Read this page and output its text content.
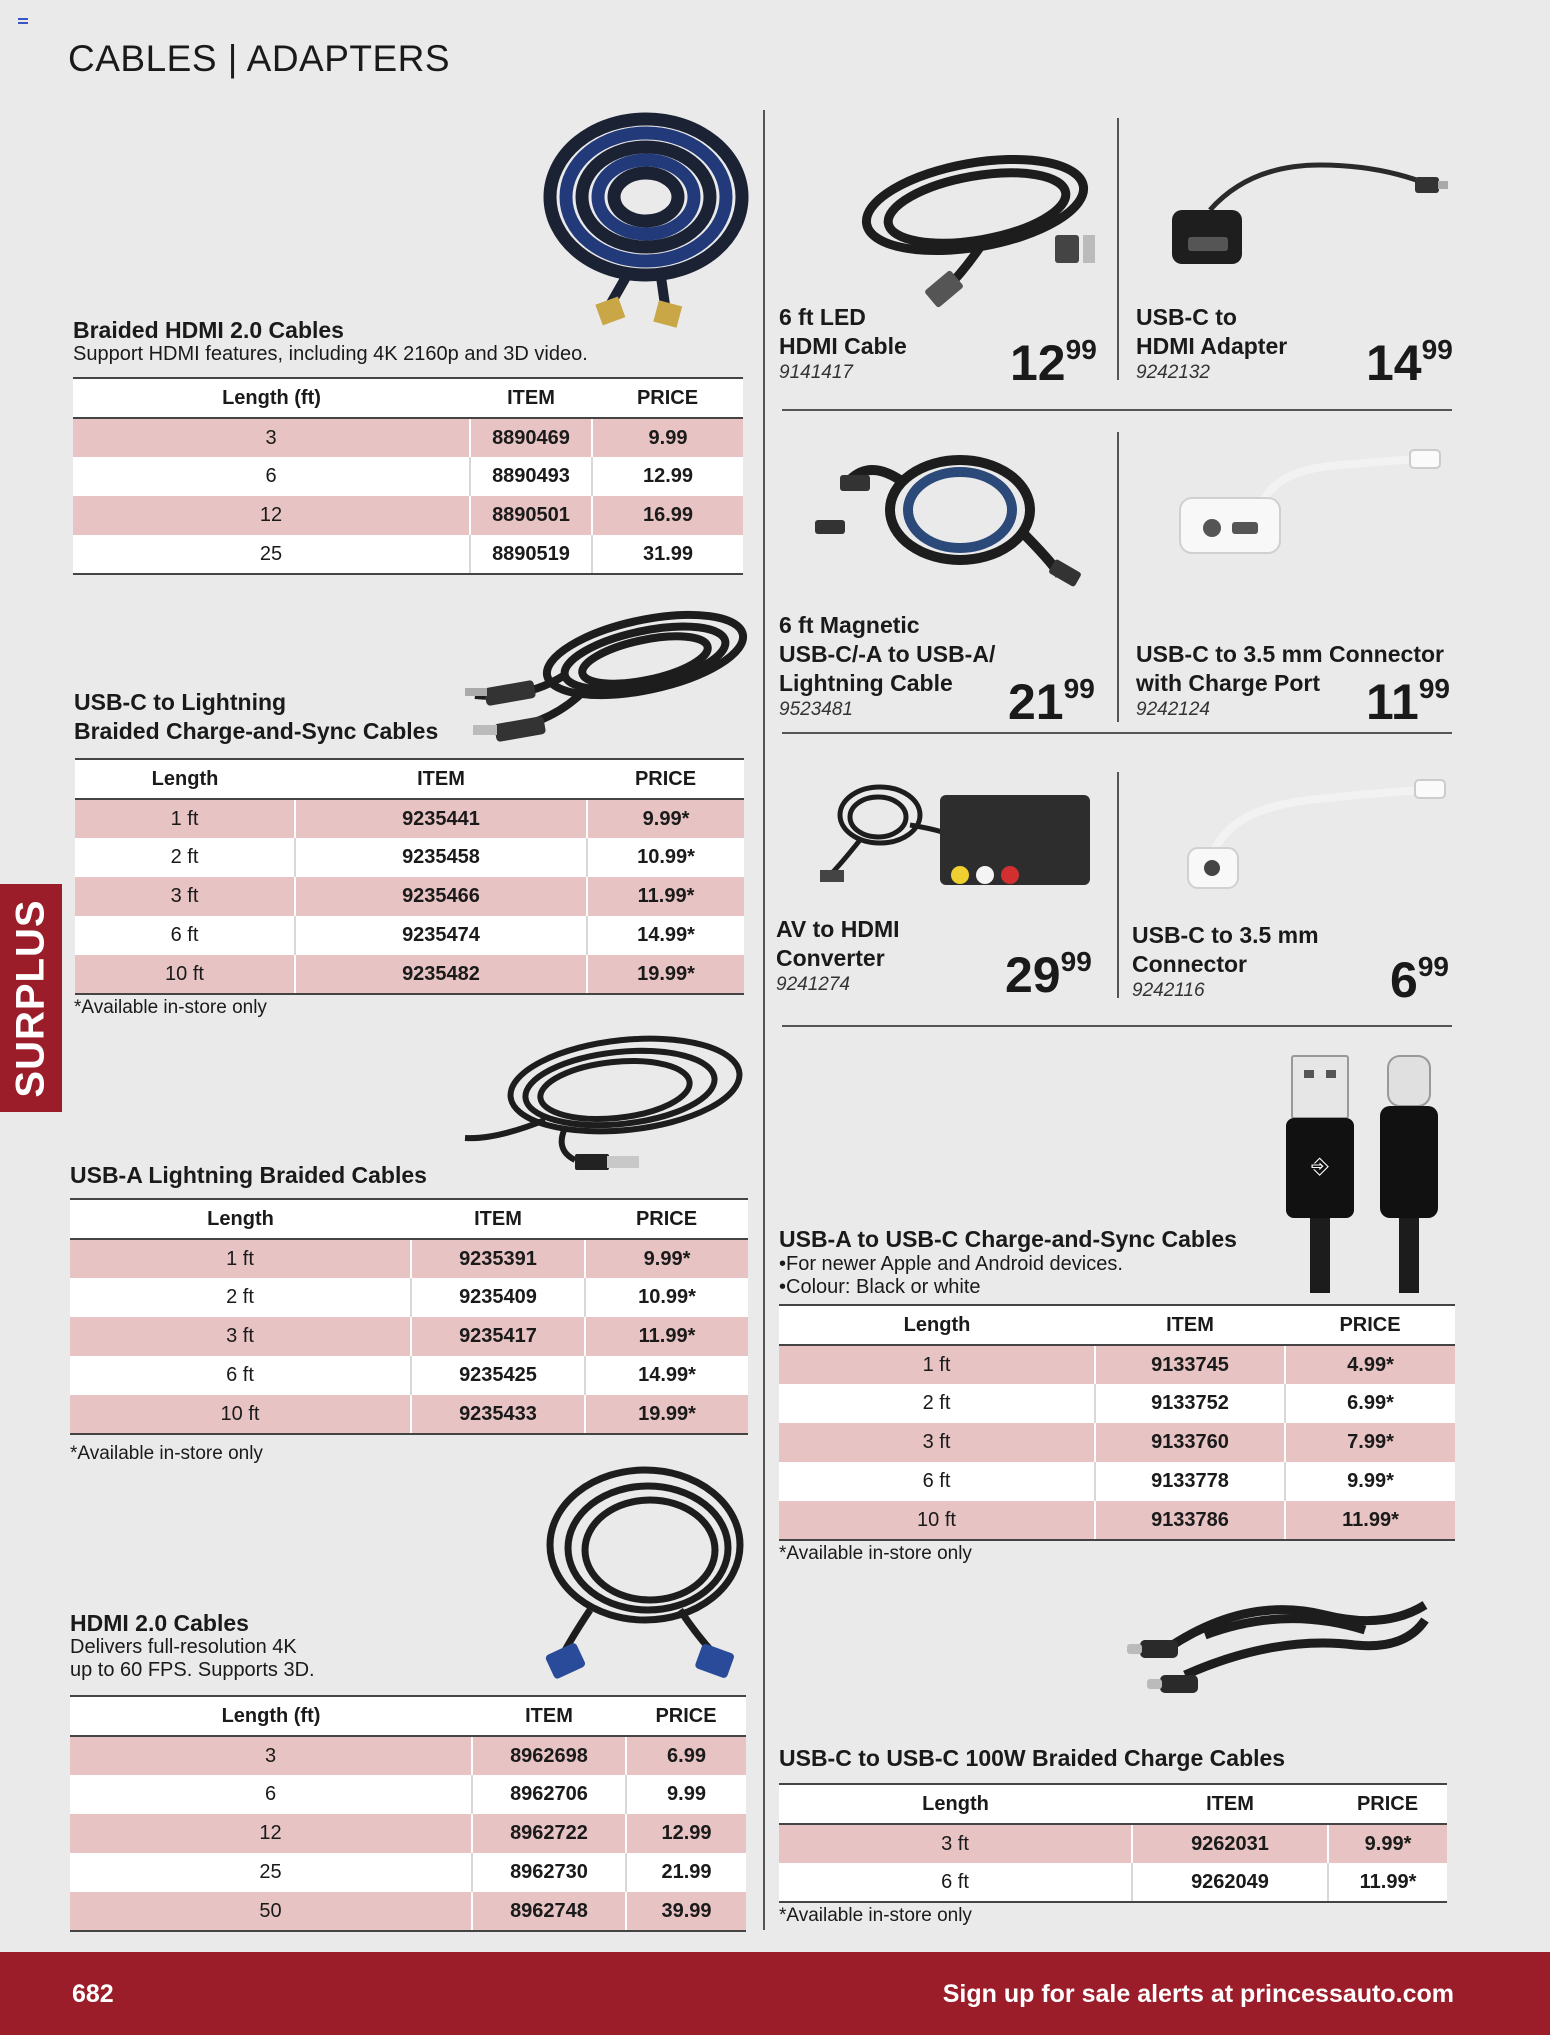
CABLES | ADAPTERS
SURPLUS
Braided HDMI 2.0 Cables
Support HDMI features, including 4K 2160p and 3D video.
Length (ft)	ITEM	PRICE
3	8890469	9.99
6	8890493	12.99
12	8890501	16.99
25	8890519	31.99
USB-C to Lightning
Braided Charge-and-Sync Cables
Length	ITEM	PRICE
1 ft	9235441	9.99*
2 ft	9235458	10.99*
3 ft	9235466	11.99*
6 ft	9235474	14.99*
10 ft	9235482	19.99*
*Available in-store only
USB-A Lightning Braided Cables
Length	ITEM	PRICE
1 ft	9235391	9.99*
2 ft	9235409	10.99*
3 ft	9235417	11.99*
6 ft	9235425	14.99*
10 ft	9235433	19.99*
*Available in-store only
HDMI 2.0 Cables
Delivers full-resolution 4K
up to 60 FPS. Supports 3D.
Length (ft)	ITEM	PRICE
3	8962698	6.99
6	8962706	9.99
12	8962722	12.99
25	8962730	21.99
50	8962748	39.99
6 ft LED
HDMI Cable
9141417	1299
USB-C to
HDMI Adapter
9242132	1499
6 ft Magnetic
USB-C/-A to USB-A/
Lightning Cable
9523481	2199
USB-C to 3.5 mm Connector
with Charge Port
9242124	1199
AV to HDMI
Converter
9241274	2999
USB-C to 3.5 mm
Connector
9242116	699
⎆
USB-A to USB-C Charge-and-Sync Cables
•For newer Apple and Android devices.
•Colour: Black or white
Length	ITEM	PRICE
1 ft	9133745	4.99*
2 ft	9133752	6.99*
3 ft	9133760	7.99*
6 ft	9133778	9.99*
10 ft	9133786	11.99*
*Available in-store only
USB-C to USB-C 100W Braided Charge Cables
Length	ITEM	PRICE
3 ft	9262031	9.99*
6 ft	9262049	11.99*
*Available in-store only
682	Sign up for sale alerts at princessauto.com
